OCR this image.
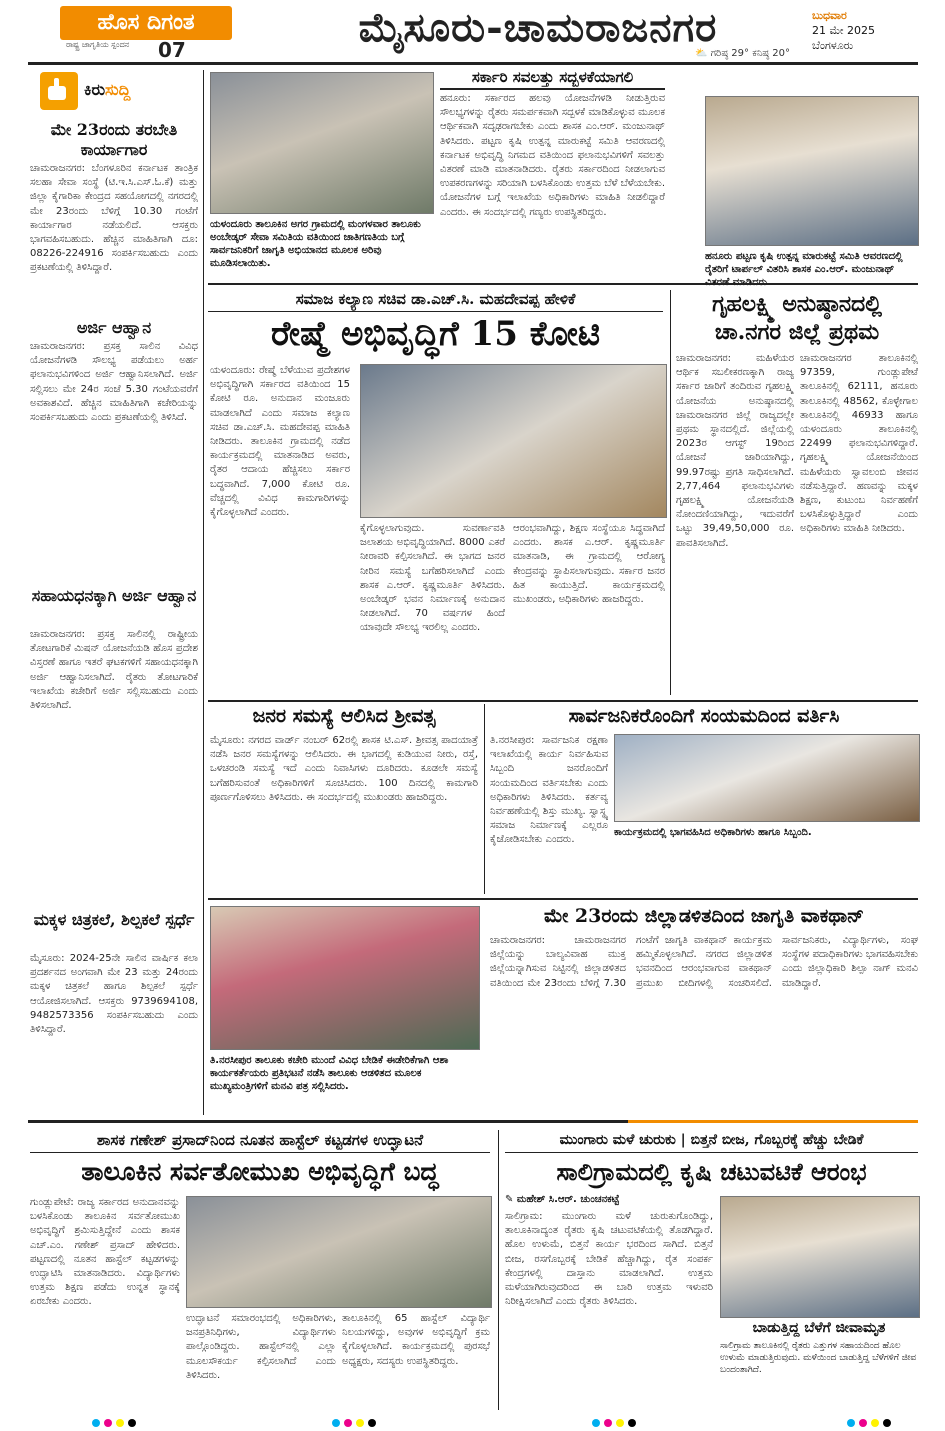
ಹೊಸ ದಿಗಂತ
ರಾಷ್ಟ್ರ ಜಾಗೃತಿಯ ಸ್ಪಂದನ 07	ಮೈಸೂರು-ಚಾಮರಾಜನಗರ
⛅ ಗರಿಷ್ಠ 29° ಕನಿಷ್ಠ 20°
ಬುಧವಾರ
21 ಮೇ 2025
ಬೆಂಗಳೂರು
ಕಿರುಸುದ್ದಿ
ಮೇ 23ರಂದು ತರಬೇತಿ ಕಾರ್ಯಾಗಾರ
ಚಾಮರಾಜನಗರ: ಬೆಂಗಳೂರಿನ ಕರ್ನಾಟಕ ತಾಂತ್ರಿಕ ಸಲಹಾ ಸೇವಾ ಸಂಸ್ಥೆ (ಟಿ.ಇ.ಸಿ.ಎಸ್.ಓ.ಕೆ) ಮತ್ತು ಜಿಲ್ಲಾ ಕೈಗಾರಿಕಾ ಕೇಂದ್ರದ ಸಹಯೋಗದಲ್ಲಿ ನಗರದಲ್ಲಿ ಮೇ 23ರಂದು ಬೆಳಿಗ್ಗೆ 10.30 ಗಂಟೆಗೆ ಕಾರ್ಯಾಗಾರ ನಡೆಯಲಿದೆ. ಆಸಕ್ತರು ಭಾಗವಹಿಸಬಹುದು. ಹೆಚ್ಚಿನ ಮಾಹಿತಿಗಾಗಿ ದೂ: 08226-224916 ಸಂಪರ್ಕಿಸಬಹುದು ಎಂದು ಪ್ರಕಟಣೆಯಲ್ಲಿ ತಿಳಿಸಿದ್ದಾರೆ.
ಅರ್ಜಿ ಆಹ್ವಾನ
ಚಾಮರಾಜನಗರ: ಪ್ರಸಕ್ತ ಸಾಲಿನ ವಿವಿಧ ಯೋಜನೆಗಳಡಿ ಸೌಲಭ್ಯ ಪಡೆಯಲು ಅರ್ಹ ಫಲಾನುಭವಿಗಳಿಂದ ಅರ್ಜಿ ಆಹ್ವಾನಿಸಲಾಗಿದೆ. ಅರ್ಜಿ ಸಲ್ಲಿಸಲು ಮೇ 24ರ ಸಂಜೆ 5.30 ಗಂಟೆಯವರೆಗೆ ಅವಕಾಶವಿದೆ. ಹೆಚ್ಚಿನ ಮಾಹಿತಿಗಾಗಿ ಕಚೇರಿಯನ್ನು ಸಂಪರ್ಕಿಸಬಹುದು ಎಂದು ಪ್ರಕಟಣೆಯಲ್ಲಿ ತಿಳಿಸಿದೆ.
ಸಹಾಯಧನಕ್ಕಾಗಿ ಅರ್ಜಿ ಆಹ್ವಾನ
ಚಾಮರಾಜನಗರ: ಪ್ರಸಕ್ತ ಸಾಲಿನಲ್ಲಿ ರಾಷ್ಟ್ರೀಯ ತೋಟಗಾರಿಕೆ ಮಿಷನ್ ಯೋಜನೆಯಡಿ ಹೊಸ ಪ್ರದೇಶ ವಿಸ್ತರಣೆ ಹಾಗೂ ಇತರೆ ಘಟಕಗಳಿಗೆ ಸಹಾಯಧನಕ್ಕಾಗಿ ಅರ್ಜಿ ಆಹ್ವಾನಿಸಲಾಗಿದೆ. ರೈತರು ತೋಟಗಾರಿಕೆ ಇಲಾಖೆಯ ಕಚೇರಿಗೆ ಅರ್ಜಿ ಸಲ್ಲಿಸಬಹುದು ಎಂದು ತಿಳಿಸಲಾಗಿದೆ.
ಮಕ್ಕಳ ಚಿತ್ರಕಲೆ, ಶಿಲ್ಪಕಲೆ ಸ್ಪರ್ಧೆ
ಮೈಸೂರು: 2024-25ನೇ ಸಾಲಿನ ವಾರ್ಷಿಕ ಕಲಾ ಪ್ರದರ್ಶನದ ಅಂಗವಾಗಿ ಮೇ 23 ಮತ್ತು 24ರಂದು ಮಕ್ಕಳ ಚಿತ್ರಕಲೆ ಹಾಗೂ ಶಿಲ್ಪಕಲೆ ಸ್ಪರ್ಧೆ ಆಯೋಜಿಸಲಾಗಿದೆ. ಆಸಕ್ತರು 9739694108, 9482573356 ಸಂಪರ್ಕಿಸಬಹುದು ಎಂದು ತಿಳಿಸಿದ್ದಾರೆ.
ಯಳಂದೂರು ತಾಲೂಕಿನ ಅಗರ ಗ್ರಾಮದಲ್ಲಿ ಮಂಗಳವಾರ ತಾಲೂಕು ಅಂಬೇಡ್ಕರ್ ಸೇವಾ ಸಮಿತಿಯ ವತಿಯಿಂದ ಜಾತಿಗಣತಿಯ ಬಗ್ಗೆ ಸಾರ್ವಜನಿಕರಿಗೆ ಜಾಗೃತಿ ಅಭಿಯಾನದ ಮೂಲಕ ಅರಿವು ಮೂಡಿಸಲಾಯಿತು.
ಸರ್ಕಾರಿ ಸವಲತ್ತು ಸದ್ಬಳಕೆಯಾಗಲಿ
ಹನೂರು: ಸರ್ಕಾರದ ಹಲವು ಯೋಜನೆಗಳಡಿ ನೀಡುತ್ತಿರುವ ಸೌಲಭ್ಯಗಳನ್ನು ರೈತರು ಸಮರ್ಪಕವಾಗಿ ಸದ್ಬಳಕೆ ಮಾಡಿಕೊಳ್ಳುವ ಮೂಲಕ ಆರ್ಥಿಕವಾಗಿ ಸದೃಢರಾಗಬೇಕು ಎಂದು ಶಾಸಕ ಎಂ.ಆರ್. ಮಂಜುನಾಥ್ ತಿಳಿಸಿದರು. ಪಟ್ಟಣ ಕೃಷಿ ಉತ್ಪನ್ನ ಮಾರುಕಟ್ಟೆ ಸಮಿತಿ ಆವರಣದಲ್ಲಿ ಕರ್ನಾಟಕ ಅಭಿವೃದ್ಧಿ ನಿಗಮದ ವತಿಯಿಂದ ಫಲಾನುಭವಿಗಳಿಗೆ ಸವಲತ್ತು ವಿತರಣೆ ಮಾಡಿ ಮಾತನಾಡಿದರು. ರೈತರು ಸರ್ಕಾರದಿಂದ ನೀಡಲಾಗುವ ಉಪಕರಣಗಳನ್ನು ಸರಿಯಾಗಿ ಬಳಸಿಕೊಂಡು ಉತ್ತಮ ಬೆಳೆ ಬೆಳೆಯಬೇಕು. ಯೋಜನೆಗಳ ಬಗ್ಗೆ ಇಲಾಖೆಯ ಅಧಿಕಾರಿಗಳು ಮಾಹಿತಿ ನೀಡಲಿದ್ದಾರೆ ಎಂದರು. ಈ ಸಂದರ್ಭದಲ್ಲಿ ಗಣ್ಯರು ಉಪಸ್ಥಿತರಿದ್ದರು.
ಹನೂರು ಪಟ್ಟಣ ಕೃಷಿ ಉತ್ಪನ್ನ ಮಾರುಕಟ್ಟೆ ಸಮಿತಿ ಆವರಣದಲ್ಲಿ ರೈತರಿಗೆ ಟಾರ್ಪಲ್ ವಿತರಿಸಿ ಶಾಸಕ ಎಂ.ಆರ್. ಮಂಜುನಾಥ್
ಸಮಾಜ ಕಲ್ಯಾಣ ಸಚಿವ ಡಾ.ಎಚ್.ಸಿ. ಮಹದೇವಪ್ಪ ಹೇಳಿಕೆ
ರೇಷ್ಮೆ ಅಭಿವೃದ್ಧಿಗೆ 15 ಕೋಟಿ
ಯಳಂದೂರು: ರೇಷ್ಮೆ ಬೆಳೆಯುವ ಪ್ರದೇಶಗಳ ಅಭಿವೃದ್ಧಿಗಾಗಿ ಸರ್ಕಾರದ ವತಿಯಿಂದ 15 ಕೋಟಿ ರೂ. ಅನುದಾನ ಮಂಜೂರು ಮಾಡಲಾಗಿದೆ ಎಂದು ಸಮಾಜ ಕಲ್ಯಾಣ ಸಚಿವ ಡಾ.ಎಚ್.ಸಿ. ಮಹದೇವಪ್ಪ ಮಾಹಿತಿ ನೀಡಿದರು. ತಾಲೂಕಿನ ಗ್ರಾಮದಲ್ಲಿ ನಡೆದ ಕಾರ್ಯಕ್ರಮದಲ್ಲಿ ಮಾತನಾಡಿದ ಅವರು, ರೈತರ ಆದಾಯ ಹೆಚ್ಚಿಸಲು ಸರ್ಕಾರ ಬದ್ಧವಾಗಿದೆ. 7,000 ಕೋಟಿ ರೂ. ವೆಚ್ಚದಲ್ಲಿ ವಿವಿಧ ಕಾಮಗಾರಿಗಳನ್ನು ಕೈಗೊಳ್ಳಲಾಗಿದೆ ಎಂದರು.
ಕೈಗೊಳ್ಳಲಾಗುವುದು. ಸುವರ್ಣಾವತಿ ಜಲಾಶಯ ಅಭಿವೃದ್ಧಿಯಾಗಿದೆ. 8000 ಎಕರೆ ನೀರಾವರಿ ಕಲ್ಪಿಸಲಾಗಿದೆ. ಈ ಭಾಗದ ಜನರ ನೀರಿನ ಸಮಸ್ಯೆ ಬಗೆಹರಿಸಲಾಗಿದೆ ಎಂದು ಶಾಸಕ ಎ.ಆರ್. ಕೃಷ್ಣಮೂರ್ತಿ ತಿಳಿಸಿದರು. ಅಂಬೇಡ್ಕರ್ ಭವನ ನಿರ್ಮಾಣಕ್ಕೆ ಅನುದಾನ ನೀಡಲಾಗಿದೆ. 70 ವರ್ಷಗಳ ಹಿಂದೆ ಯಾವುದೇ ಸೌಲಭ್ಯ ಇರಲಿಲ್ಲ ಎಂದರು.
ಆರಂಭವಾಗಿದ್ದು, ಶಿಕ್ಷಣ ಸಂಸ್ಥೆಯೂ ಸಿದ್ಧವಾಗಿದೆ ಎಂದರು. ಶಾಸಕ ಎ.ಆರ್. ಕೃಷ್ಣಮೂರ್ತಿ ಮಾತನಾಡಿ, ಈ ಗ್ರಾಮದಲ್ಲಿ ಆರೋಗ್ಯ ಕೇಂದ್ರವನ್ನು ಸ್ಥಾಪಿಸಲಾಗುವುದು. ಸರ್ಕಾರ ಜನರ ಹಿತ ಕಾಯುತ್ತಿದೆ. ಕಾರ್ಯಕ್ರಮದಲ್ಲಿ ಮುಖಂಡರು, ಅಧಿಕಾರಿಗಳು ಹಾಜರಿದ್ದರು.
ಗೃಹಲಕ್ಷ್ಮಿ ಅನುಷ್ಠಾನದಲ್ಲಿ ಚಾ.ನಗರ ಜಿಲ್ಲೆ ಪ್ರಥಮ
ಚಾಮರಾಜನಗರ: ಮಹಿಳೆಯರ ಆರ್ಥಿಕ ಸಬಲೀಕರಣಕ್ಕಾಗಿ ರಾಜ್ಯ ಸರ್ಕಾರ ಜಾರಿಗೆ ತಂದಿರುವ ಗೃಹಲಕ್ಷ್ಮಿ ಯೋಜನೆಯ ಅನುಷ್ಠಾನದಲ್ಲಿ ಚಾಮರಾಜನಗರ ಜಿಲ್ಲೆ ರಾಜ್ಯದಲ್ಲೇ ಪ್ರಥಮ ಸ್ಥಾನದಲ್ಲಿದೆ. ಜಿಲ್ಲೆಯಲ್ಲಿ 2023ರ ಆಗಸ್ಟ್ 19ರಿಂದ ಯೋಜನೆ ಜಾರಿಯಾಗಿದ್ದು, 99.97ರಷ್ಟು ಪ್ರಗತಿ ಸಾಧಿಸಲಾಗಿದೆ. 2,77,464 ಫಲಾನುಭವಿಗಳು ಗೃಹಲಕ್ಷ್ಮಿ ಯೋಜನೆಯಡಿ ನೋಂದಣಿಯಾಗಿದ್ದು, ಇದುವರೆಗೆ ಒಟ್ಟು 39,49,50,000 ರೂ. ಪಾವತಿಸಲಾಗಿದೆ.
ಚಾಮರಾಜನಗರ ತಾಲೂಕಿನಲ್ಲಿ 97359, ಗುಂಡ್ಲುಪೇಟೆ ತಾಲೂಕಿನಲ್ಲಿ 62111, ಹನೂರು ತಾಲೂಕಿನಲ್ಲಿ 48562, ಕೊಳ್ಳೇಗಾಲ ತಾಲೂಕಿನಲ್ಲಿ 46933 ಹಾಗೂ ಯಳಂದೂರು ತಾಲೂಕಿನಲ್ಲಿ 22499 ಫಲಾನುಭವಿಗಳಿದ್ದಾರೆ. ಗೃಹಲಕ್ಷ್ಮಿ ಯೋಜನೆಯಿಂದ ಮಹಿಳೆಯರು ಸ್ವಾವಲಂಬಿ ಜೀವನ ನಡೆಸುತ್ತಿದ್ದಾರೆ. ಹಣವನ್ನು ಮಕ್ಕಳ ಶಿಕ್ಷಣ, ಕುಟುಂಬ ನಿರ್ವಹಣೆಗೆ ಬಳಸಿಕೊಳ್ಳುತ್ತಿದ್ದಾರೆ ಎಂದು ಅಧಿಕಾರಿಗಳು ಮಾಹಿತಿ ನೀಡಿದರು.
ಜನರ ಸಮಸ್ಯೆ ಆಲಿಸಿದ ಶ್ರೀವತ್ಸ
ಮೈಸೂರು: ನಗರದ ವಾರ್ಡ್ ನಂಬರ್ 62ರಲ್ಲಿ ಶಾಸಕ ಟಿ.ಎಸ್. ಶ್ರೀವತ್ಸ ಪಾದಯಾತ್ರೆ ನಡೆಸಿ ಜನರ ಸಮಸ್ಯೆಗಳನ್ನು ಆಲಿಸಿದರು. ಈ ಭಾಗದಲ್ಲಿ ಕುಡಿಯುವ ನೀರು, ರಸ್ತೆ, ಒಳಚರಂಡಿ ಸಮಸ್ಯೆ ಇದೆ ಎಂದು ನಿವಾಸಿಗಳು ದೂರಿದರು. ಕೂಡಲೇ ಸಮಸ್ಯೆ ಬಗೆಹರಿಸುವಂತೆ ಅಧಿಕಾರಿಗಳಿಗೆ ಸೂಚಿಸಿದರು. 100 ದಿನದಲ್ಲಿ ಕಾಮಗಾರಿ ಪೂರ್ಣಗೊಳಿಸಲು ತಿಳಿಸಿದರು. ಈ ಸಂದರ್ಭದಲ್ಲಿ ಮುಖಂಡರು ಹಾಜರಿದ್ದರು.
ಸಾರ್ವಜನಿಕರೊಂದಿಗೆ ಸಂಯಮದಿಂದ ವರ್ತಿಸಿ
ತಿ.ನರಸೀಪುರ: ಸಾರ್ವಜನಿಕ ರಕ್ಷಣಾ ಇಲಾಖೆಯಲ್ಲಿ ಕಾರ್ಯ ನಿರ್ವಹಿಸುವ ಸಿಬ್ಬಂದಿ ಜನರೊಂದಿಗೆ ಸಂಯಮದಿಂದ ವರ್ತಿಸಬೇಕು ಎಂದು ಅಧಿಕಾರಿಗಳು ತಿಳಿಸಿದರು. ಕರ್ತವ್ಯ ನಿರ್ವಹಣೆಯಲ್ಲಿ ಶಿಸ್ತು ಮುಖ್ಯ. ಸ್ವಾಸ್ಥ್ಯ ಸಮಾಜ ನಿರ್ಮಾಣಕ್ಕೆ ಎಲ್ಲರೂ ಕೈಜೋಡಿಸಬೇಕು ಎಂದರು.
ಕಾರ್ಯಕ್ರಮದಲ್ಲಿ ಭಾಗವಹಿಸಿದ ಅಧಿಕಾರಿಗಳು ಹಾಗೂ ಸಿಬ್ಬಂದಿ.
ತಿ.ನರಸೀಪುರ ತಾಲೂಕು ಕಚೇರಿ ಮುಂದೆ ವಿವಿಧ ಬೇಡಿಕೆ ಈಡೇರಿಕೆಗಾಗಿ ಆಶಾ ಕಾರ್ಯಕರ್ತೆಯರು ಪ್ರತಿಭಟನೆ ನಡೆಸಿ ತಾಲೂಕು ಆಡಳಿತದ ಮೂಲಕ ಮುಖ್ಯಮಂತ್ರಿಗಳಿಗೆ ಮನವಿ ಪತ್ರ ಸಲ್ಲಿಸಿದರು.
ಮೇ 23ರಂದು ಜಿಲ್ಲಾಡಳಿತದಿಂದ ಜಾಗೃತಿ ವಾಕಥಾನ್
ಚಾಮರಾಜನಗರ: ಚಾಮರಾಜನಗರ ಜಿಲ್ಲೆಯನ್ನು ಬಾಲ್ಯವಿವಾಹ ಮುಕ್ತ ಜಿಲ್ಲೆಯನ್ನಾಗಿಸುವ ನಿಟ್ಟಿನಲ್ಲಿ ಜಿಲ್ಲಾಡಳಿತದ ವತಿಯಿಂದ ಮೇ 23ರಂದು ಬೆಳಿಗ್ಗೆ 7.30 ಗಂಟೆಗೆ ಜಾಗೃತಿ ವಾಕಥಾನ್ ಕಾರ್ಯಕ್ರಮ ಹಮ್ಮಿಕೊಳ್ಳಲಾಗಿದೆ. ನಗರದ ಜಿಲ್ಲಾಡಳಿತ ಭವನದಿಂದ ಆರಂಭವಾಗುವ ವಾಕಥಾನ್ ಪ್ರಮುಖ ಬೀದಿಗಳಲ್ಲಿ ಸಂಚರಿಸಲಿದೆ. ಸಾರ್ವಜನಿಕರು, ವಿದ್ಯಾರ್ಥಿಗಳು, ಸಂಘ ಸಂಸ್ಥೆಗಳ ಪದಾಧಿಕಾರಿಗಳು ಭಾಗವಹಿಸಬೇಕು ಎಂದು ಜಿಲ್ಲಾಧಿಕಾರಿ ಶಿಲ್ಪಾ ನಾಗ್ ಮನವಿ ಮಾಡಿದ್ದಾರೆ.
ಶಾಸಕ ಗಣೇಶ್ ಪ್ರಸಾದ್‌ನಿಂದ ನೂತನ ಹಾಸ್ಟೆಲ್ ಕಟ್ಟಡಗಳ ಉದ್ಘಾಟನೆ
ತಾಲೂಕಿನ ಸರ್ವತೋಮುಖ ಅಭಿವೃದ್ಧಿಗೆ ಬದ್ಧ
ಗುಂಡ್ಲುಪೇಟೆ: ರಾಜ್ಯ ಸರ್ಕಾರದ ಅನುದಾನವನ್ನು ಬಳಸಿಕೊಂಡು ತಾಲೂಕಿನ ಸರ್ವತೋಮುಖ ಅಭಿವೃದ್ಧಿಗೆ ಶ್ರಮಿಸುತ್ತಿದ್ದೇನೆ ಎಂದು ಶಾಸಕ ಎಚ್.ಎಂ. ಗಣೇಶ್ ಪ್ರಸಾದ್ ಹೇಳಿದರು. ಪಟ್ಟಣದಲ್ಲಿ ನೂತನ ಹಾಸ್ಟೆಲ್ ಕಟ್ಟಡಗಳನ್ನು ಉದ್ಘಾಟಿಸಿ ಮಾತನಾಡಿದರು. ವಿದ್ಯಾರ್ಥಿಗಳು ಉತ್ತಮ ಶಿಕ್ಷಣ ಪಡೆದು ಉನ್ನತ ಸ್ಥಾನಕ್ಕೆ ಏರಬೇಕು ಎಂದರು.
ಉದ್ಘಾಟನೆ ಸಮಾರಂಭದಲ್ಲಿ ಅಧಿಕಾರಿಗಳು, ಜನಪ್ರತಿನಿಧಿಗಳು, ವಿದ್ಯಾರ್ಥಿಗಳು ಪಾಲ್ಗೊಂಡಿದ್ದರು. ಹಾಸ್ಟೆಲ್‌ನಲ್ಲಿ ಎಲ್ಲಾ ಮೂಲಸೌಕರ್ಯ ಕಲ್ಪಿಸಲಾಗಿದೆ ಎಂದು ತಿಳಿಸಿದರು.
ತಾಲೂಕಿನಲ್ಲಿ 65 ಹಾಸ್ಟೆಲ್ ವಿದ್ಯಾರ್ಥಿ ನಿಲಯಗಳಿದ್ದು, ಅವುಗಳ ಅಭಿವೃದ್ಧಿಗೆ ಕ್ರಮ ಕೈಗೊಳ್ಳಲಾಗಿದೆ. ಕಾರ್ಯಕ್ರಮದಲ್ಲಿ ಪುರಸಭೆ ಅಧ್ಯಕ್ಷರು, ಸದಸ್ಯರು ಉಪಸ್ಥಿತರಿದ್ದರು.
ಮುಂಗಾರು ಮಳೆ ಚುರುಕು | ಬಿತ್ತನೆ ಬೀಜ, ಗೊಬ್ಬರಕ್ಕೆ ಹೆಚ್ಚು ಬೇಡಿಕೆ
ಸಾಲಿಗ್ರಾಮದಲ್ಲಿ ಕೃಷಿ ಚಟುವಟಿಕೆ ಆರಂಭ
✎ ಮಹೇಶ್ ಸಿ.ಆರ್. ಚುಂಚನಕಟ್ಟೆ
ಸಾಲಿಗ್ರಾಮ: ಮುಂಗಾರು ಮಳೆ ಚುರುಕುಗೊಂಡಿದ್ದು, ತಾಲೂಕಿನಾದ್ಯಂತ ರೈತರು ಕೃಷಿ ಚಟುವಟಿಕೆಯಲ್ಲಿ ತೊಡಗಿದ್ದಾರೆ. ಹೊಲ ಉಳುಮೆ, ಬಿತ್ತನೆ ಕಾರ್ಯ ಭರದಿಂದ ಸಾಗಿದೆ. ಬಿತ್ತನೆ ಬೀಜ, ರಸಗೊಬ್ಬರಕ್ಕೆ ಬೇಡಿಕೆ ಹೆಚ್ಚಾಗಿದ್ದು, ರೈತ ಸಂಪರ್ಕ ಕೇಂದ್ರಗಳಲ್ಲಿ ದಾಸ್ತಾನು ಮಾಡಲಾಗಿದೆ. ಉತ್ತಮ ಮಳೆಯಾಗಿರುವುದರಿಂದ ಈ ಬಾರಿ ಉತ್ತಮ ಇಳುವರಿ ನಿರೀಕ್ಷಿಸಲಾಗಿದೆ ಎಂದು ರೈತರು ತಿಳಿಸಿದರು.
ಬಾಡುತ್ತಿದ್ದ ಬೆಳೆಗೆ ಜೀವಾಮೃತ
ಸಾಲಿಗ್ರಾಮ ತಾಲೂಕಿನಲ್ಲಿ ರೈತರು ಎತ್ತುಗಳ ಸಹಾಯದಿಂದ ಹೊಲ ಉಳುಮೆ ಮಾಡುತ್ತಿರುವುದು. ಮಳೆಯಿಂದ ಬಾಡುತ್ತಿದ್ದ ಬೆಳೆಗಳಿಗೆ ಜೀವ ಬಂದಂತಾಗಿದೆ.
